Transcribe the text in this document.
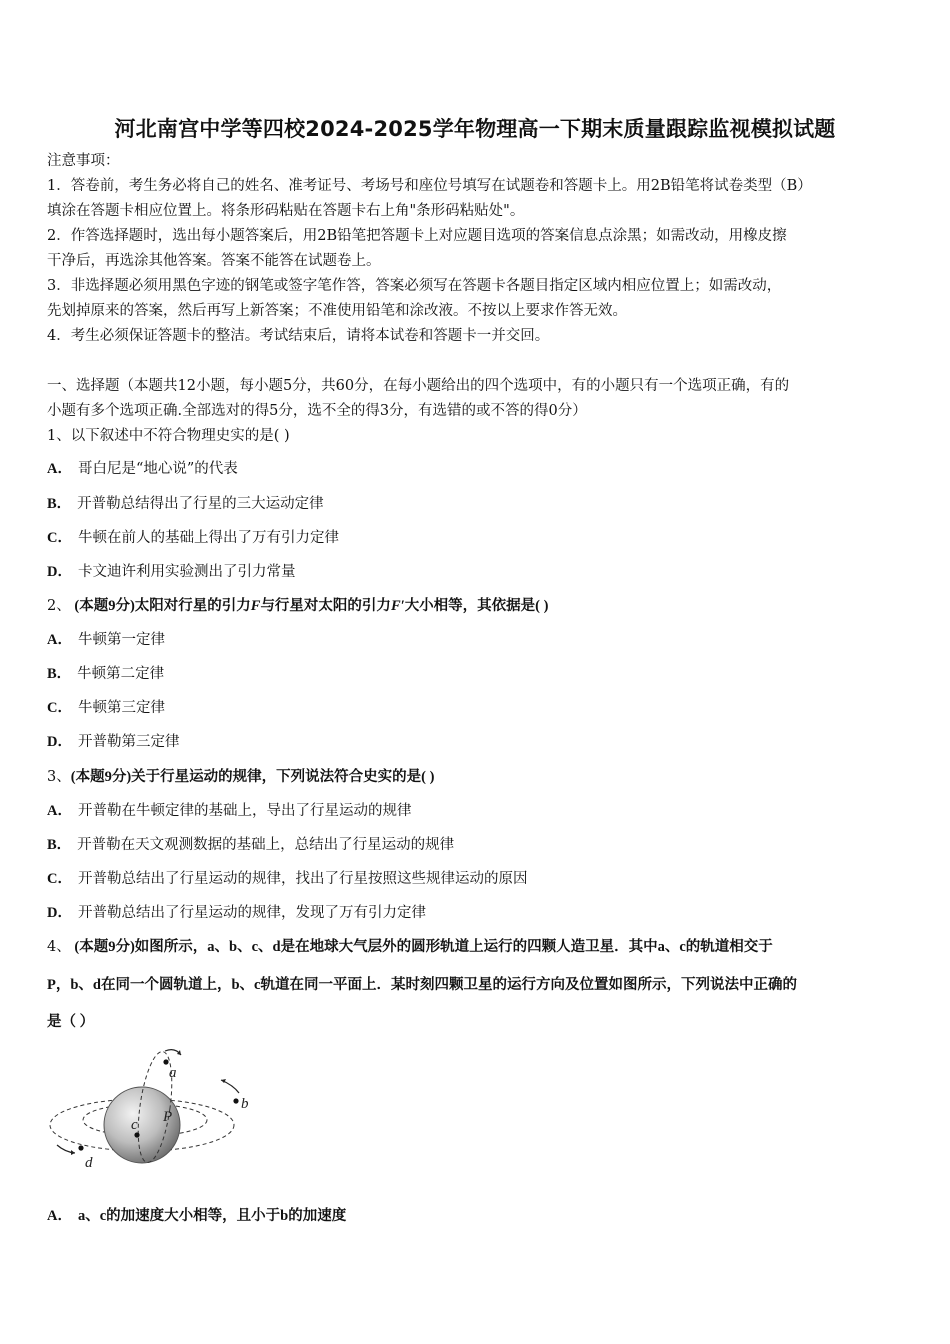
河北南宫中学等四校2024-2025学年物理高一下期末质量跟踪监视模拟试题
注意事项：
1．答卷前，考生务必将自己的姓名、准考证号、考场号和座位号填写在试题卷和答题卡上。用2B铅笔将试卷类型（B）
填涂在答题卡相应位置上。将条形码粘贴在答题卡右上角"条形码粘贴处"。
2．作答选择题时，选出每小题答案后，用2B铅笔把答题卡上对应题目选项的答案信息点涂黑；如需改动，用橡皮擦
干净后，再选涂其他答案。答案不能答在试题卷上。
3．非选择题必须用黑色字迹的钢笔或签字笔作答，答案必须写在答题卡各题目指定区域内相应位置上；如需改动，
先划掉原来的答案，然后再写上新答案；不准使用铅笔和涂改液。不按以上要求作答无效。
4．考生必须保证答题卡的整洁。考试结束后，请将本试卷和答题卡一并交回。
一、选择题（本题共12小题，每小题5分，共60分，在每小题给出的四个选项中，有的小题只有一个选项正确，有的
小题有多个选项正确.全部选对的得5分，选不全的得3分，有选错的或不答的得0分）
1、以下叙述中不符合物理史实的是( )
A． 哥白尼是“地心说”的代表
B． 开普勒总结得出了行星的三大运动定律
C． 牛顿在前人的基础上得出了万有引力定律
D． 卡文迪许利用实验测出了引力常量
2、 (本题9分)太阳对行星的引力F与行星对太阳的引力F′大小相等，其依据是( )
A． 牛顿第一定律
B． 牛顿第二定律
C． 牛顿第三定律
D． 开普勒第三定律
3、(本题9分)关于行星运动的规律，下列说法符合史实的是( )
A． 开普勒在牛顿定律的基础上，导出了行星运动的规律
B． 开普勒在天文观测数据的基础上，总结出了行星运动的规律
C． 开普勒总结出了行星运动的规律，找出了行星按照这些规律运动的原因
D． 开普勒总结出了行星运动的规律，发现了万有引力定律
4、 (本题9分)如图所示，a、b、c、d是在地球大气层外的圆形轨道上运行的四颗人造卫星．其中a、c的轨道相交于
P，b、d在同一个圆轨道上，b、c轨道在同一平面上．某时刻四颗卫星的运行方向及位置如图所示，下列说法中正确的
是（ ）
a
b
c
d
P
A． a、c的加速度大小相等，且小于b的加速度
